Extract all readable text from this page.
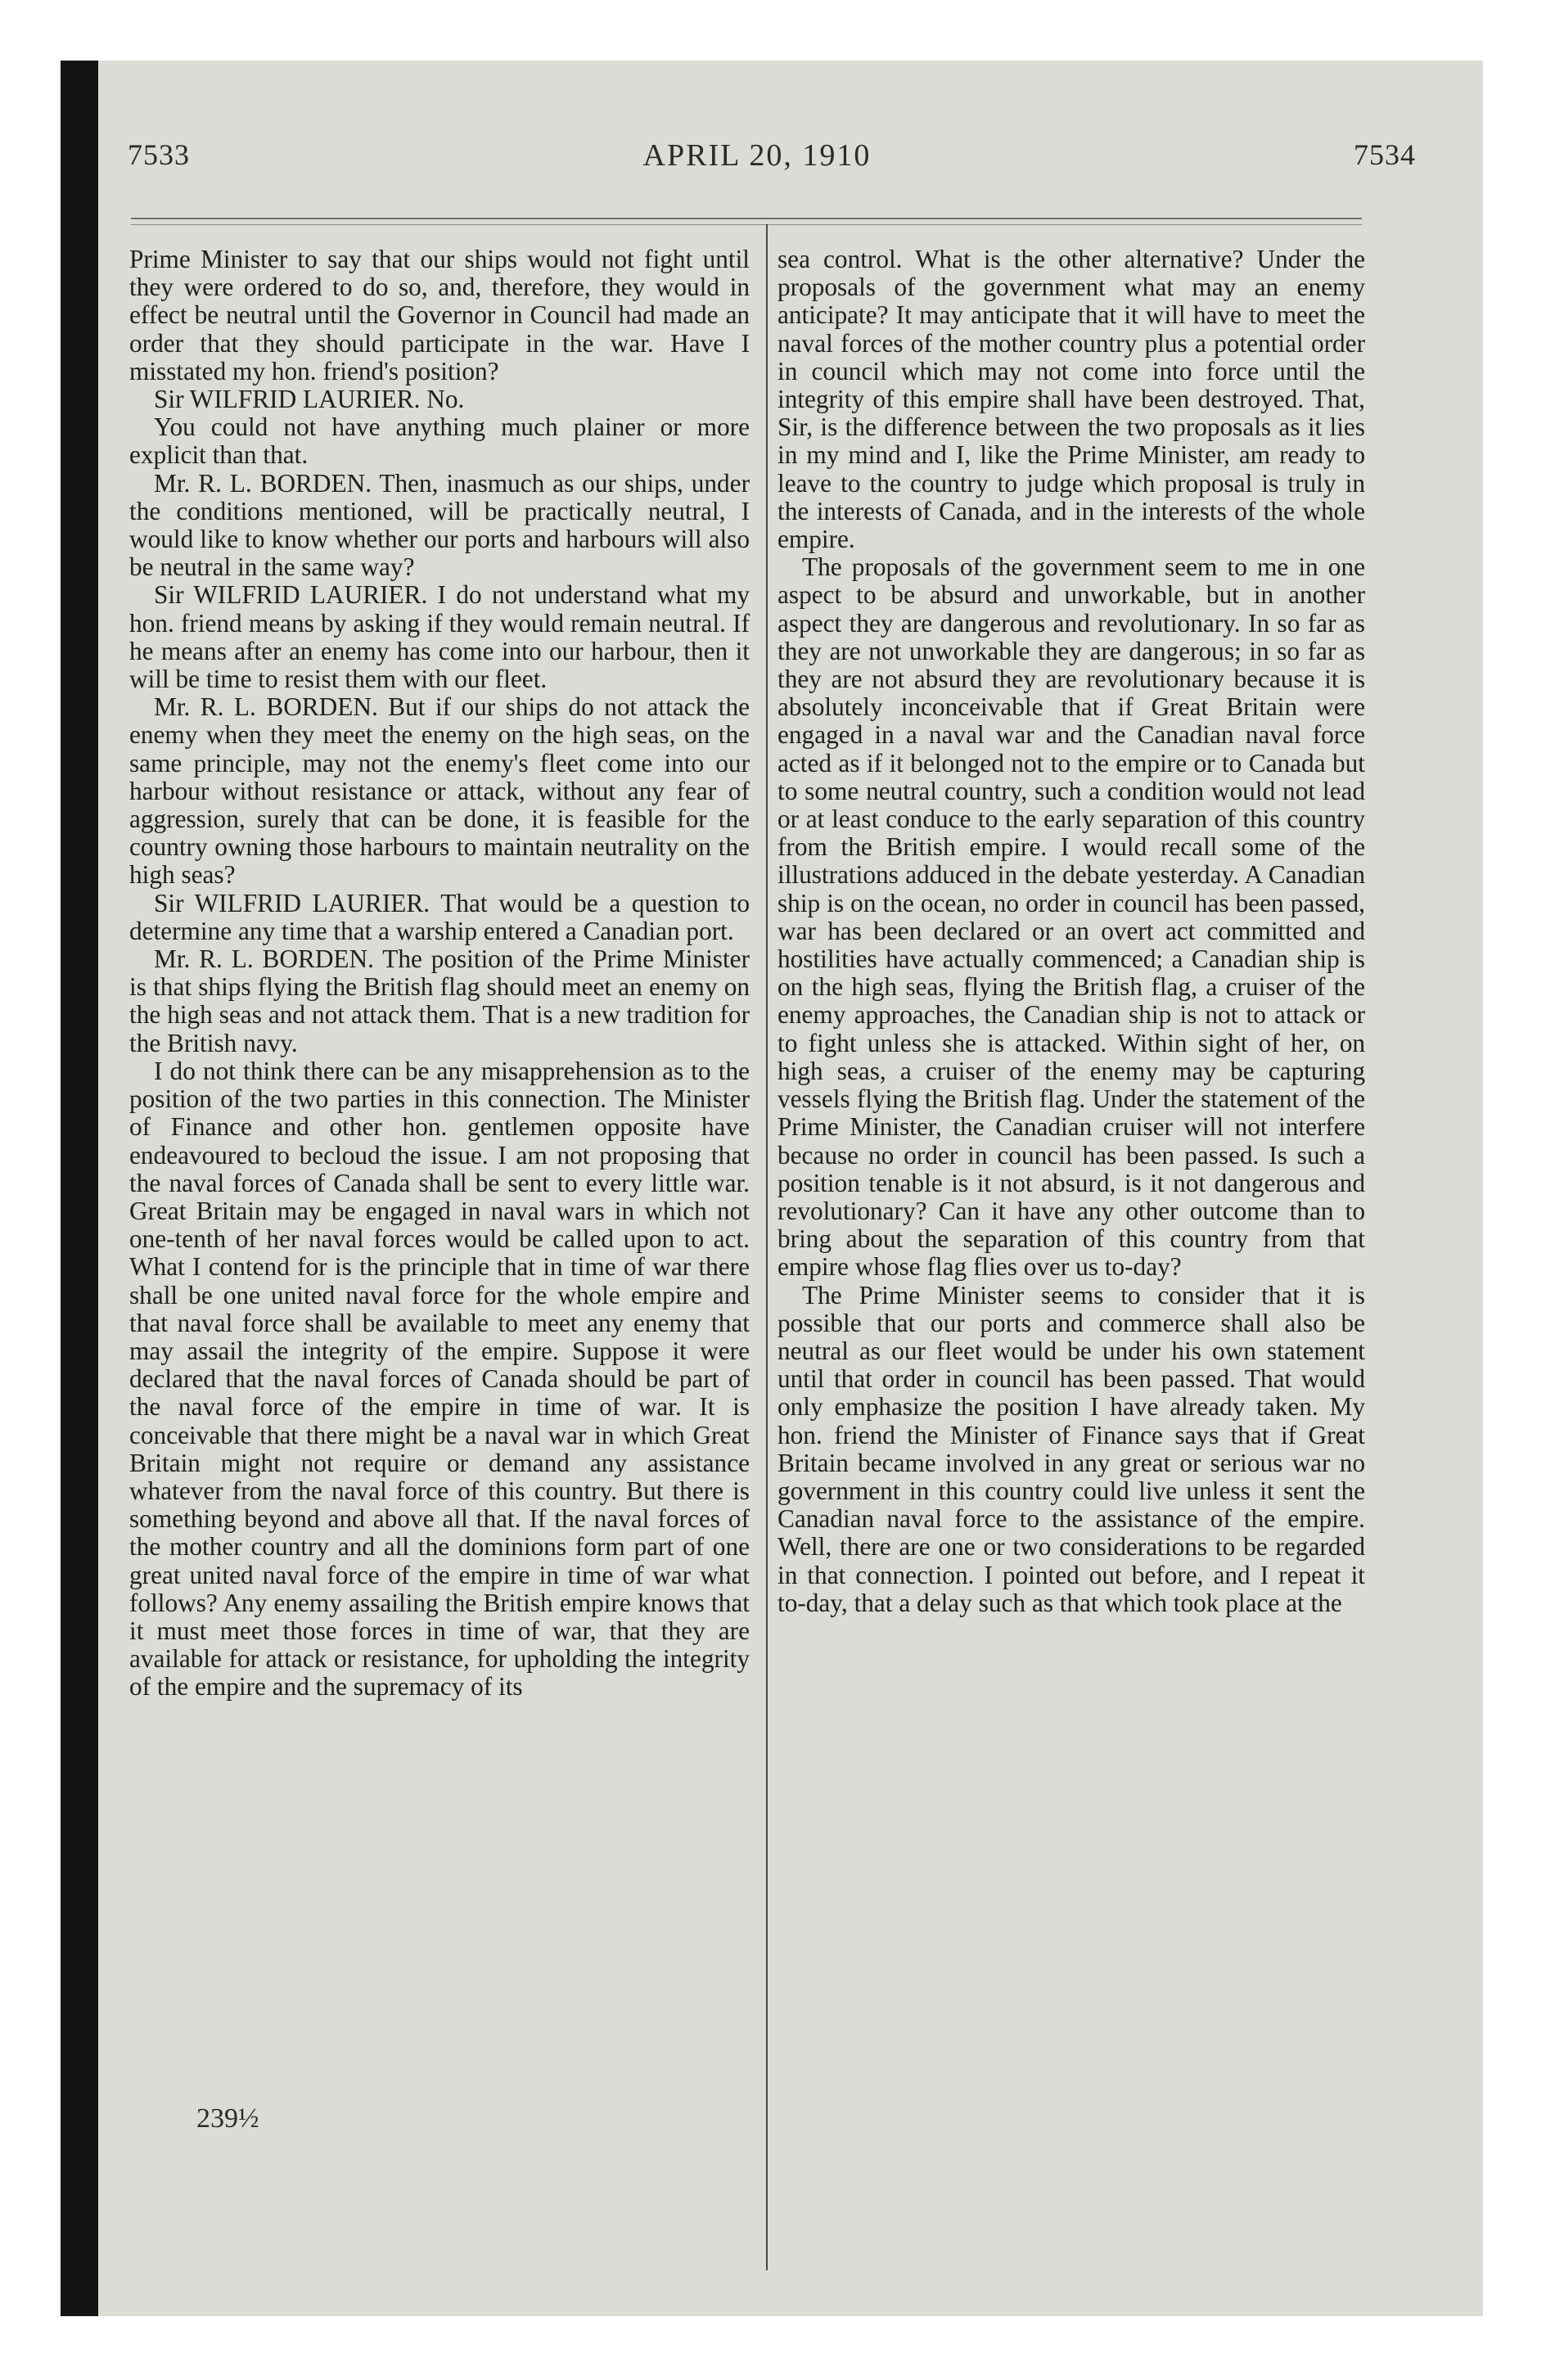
7533	APRIL 20, 1910	7534

Prime Minister to say that our ships would not fight until they were ordered to do so, and, therefore, they would in effect be neutral until the Governor in Council had made an order that they should participate in the war. Have I misstated my hon. friend's position?

Sir WILFRID LAURIER. No.

You could not have anything much plainer or more explicit than that.

Mr. R. L. BORDEN. Then, inasmuch as our ships, under the conditions mentioned, will be practically neutral, I would like to know whether our ports and harbours will also be neutral in the same way?

Sir WILFRID LAURIER. I do not understand what my hon. friend means by asking if they would remain neutral. If he means after an enemy has come into our harbour, then it will be time to resist them with our fleet.

Mr. R. L. BORDEN. But if our ships do not attack the enemy when they meet the enemy on the high seas, on the same principle, may not the enemy's fleet come into our harbour without resistance or attack, without any fear of aggression, surely that can be done, it is feasible for the country owning those harbours to maintain neutrality on the high seas?

Sir WILFRID LAURIER. That would be a question to determine any time that a warship entered a Canadian port.

Mr. R. L. BORDEN. The position of the Prime Minister is that ships flying the British flag should meet an enemy on the high seas and not attack them. That is a new tradition for the British navy.

I do not think there can be any misapprehension as to the position of the two parties in this connection. The Minister of Finance and other hon. gentlemen opposite have endeavoured to becloud the issue. I am not proposing that the naval forces of Canada shall be sent to every little war. Great Britain may be engaged in naval wars in which not one-tenth of her naval forces would be called upon to act. What I contend for is the principle that in time of war there shall be one united naval force for the whole empire and that naval force shall be available to meet any enemy that may assail the integrity of the empire. Suppose it were declared that the naval forces of Canada should be part of the naval force of the empire in time of war. It is conceivable that there might be a naval war in which Great Britain might not require or demand any assistance whatever from the naval force of this country. But there is something beyond and above all that. If the naval forces of the mother country and all the dominions form part of one great united naval force of the empire in time of war what follows? Any enemy assailing the British empire knows that it must meet those forces in time of war, that they are available for attack or resistance, for upholding the integrity of the empire and the supremacy of its

sea control. What is the other alternative? Under the proposals of the government what may an enemy anticipate? It may anticipate that it will have to meet the naval forces of the mother country plus a potential order in council which may not come into force until the integrity of this empire shall have been destroyed. That, Sir, is the difference between the two proposals as it lies in my mind and I, like the Prime Minister, am ready to leave to the country to judge which proposal is truly in the interests of Canada, and in the interests of the whole empire.

The proposals of the government seem to me in one aspect to be absurd and unworkable, but in another aspect they are dangerous and revolutionary. In so far as they are not unworkable they are dangerous; in so far as they are not absurd they are revolutionary because it is absolutely inconceivable that if Great Britain were engaged in a naval war and the Canadian naval force acted as if it belonged not to the empire or to Canada but to some neutral country, such a condition would not lead or at least conduce to the early separation of this country from the British empire. I would recall some of the illustrations adduced in the debate yesterday. A Canadian ship is on the ocean, no order in council has been passed, war has been declared or an overt act committed and hostilities have actually commenced; a Canadian ship is on the high seas, flying the British flag, a cruiser of the enemy approaches, the Canadian ship is not to attack or to fight unless she is attacked. Within sight of her, on high seas, a cruiser of the enemy may be capturing vessels flying the British flag. Under the statement of the Prime Minister, the Canadian cruiser will not interfere because no order in council has been passed. Is such a position tenable is it not absurd, is it not dangerous and revolutionary? Can it have any other outcome than to bring about the separation of this country from that empire whose flag flies over us to-day?

The Prime Minister seems to consider that it is possible that our ports and commerce shall also be neutral as our fleet would be under his own statement until that order in council has been passed. That would only emphasize the position I have already taken. My hon. friend the Minister of Finance says that if Great Britain became involved in any great or serious war no government in this country could live unless it sent the Canadian naval force to the assistance of the empire. Well, there are one or two considerations to be regarded in that connection. I pointed out before, and I repeat it to-day, that a delay such as that which took place at the

239½
